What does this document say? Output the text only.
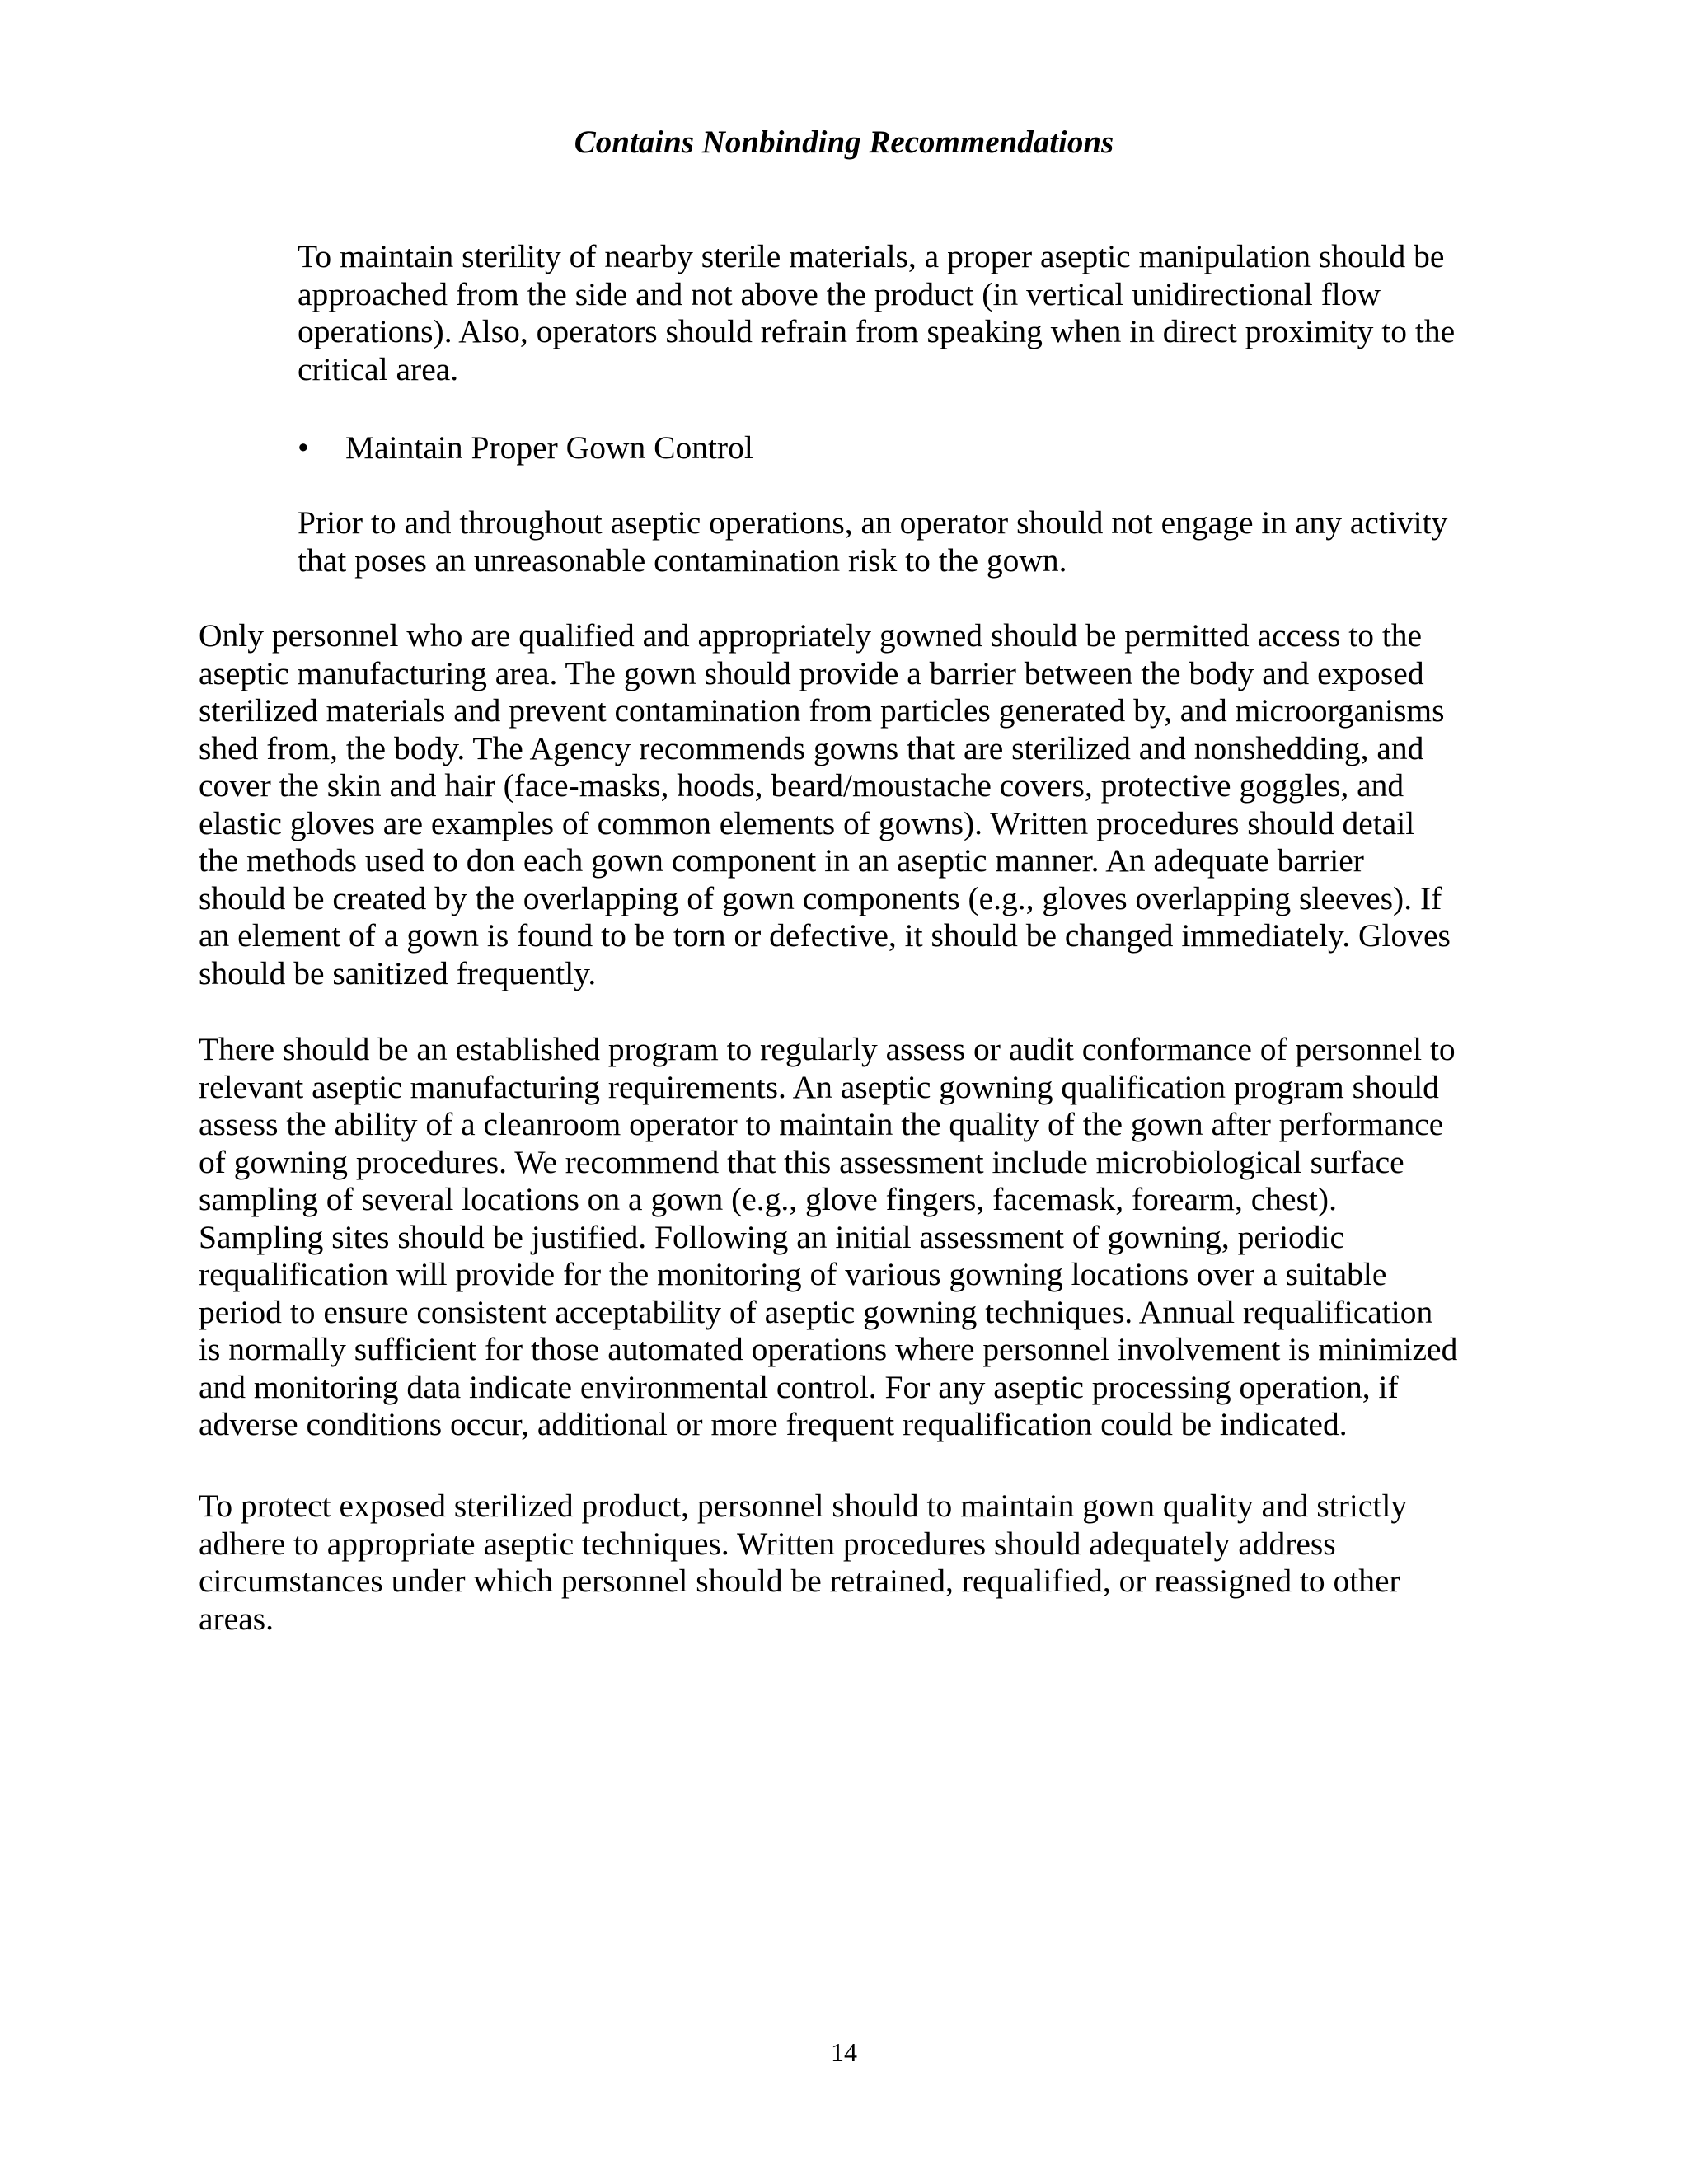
Contains Nonbinding Recommendations

To maintain sterility of nearby sterile materials, a proper aseptic manipulation should be
approached from the side and not above the product (in vertical unidirectional flow
operations). Also, operators should refrain from speaking when in direct proximity to the
critical area.

• Maintain Proper Gown Control

Prior to and throughout aseptic operations, an operator should not engage in any activity
that poses an unreasonable contamination risk to the gown.

Only personnel who are qualified and appropriately gowned should be permitted access to the
aseptic manufacturing area. The gown should provide a barrier between the body and exposed
sterilized materials and prevent contamination from particles generated by, and microorganisms
shed from, the body. The Agency recommends gowns that are sterilized and nonshedding, and
cover the skin and hair (face-masks, hoods, beard/moustache covers, protective goggles, and
elastic gloves are examples of common elements of gowns). Written procedures should detail
the methods used to don each gown component in an aseptic manner. An adequate barrier
should be created by the overlapping of gown components (e.g., gloves overlapping sleeves). If
an element of a gown is found to be torn or defective, it should be changed immediately. Gloves
should be sanitized frequently.

There should be an established program to regularly assess or audit conformance of personnel to
relevant aseptic manufacturing requirements. An aseptic gowning qualification program should
assess the ability of a cleanroom operator to maintain the quality of the gown after performance
of gowning procedures. We recommend that this assessment include microbiological surface
sampling of several locations on a gown (e.g., glove fingers, facemask, forearm, chest).
Sampling sites should be justified. Following an initial assessment of gowning, periodic
requalification will provide for the monitoring of various gowning locations over a suitable
period to ensure consistent acceptability of aseptic gowning techniques. Annual requalification
is normally sufficient for those automated operations where personnel involvement is minimized
and monitoring data indicate environmental control. For any aseptic processing operation, if
adverse conditions occur, additional or more frequent requalification could be indicated.

To protect exposed sterilized product, personnel should to maintain gown quality and strictly
adhere to appropriate aseptic techniques. Written procedures should adequately address
circumstances under which personnel should be retrained, requalified, or reassigned to other
areas.

14
